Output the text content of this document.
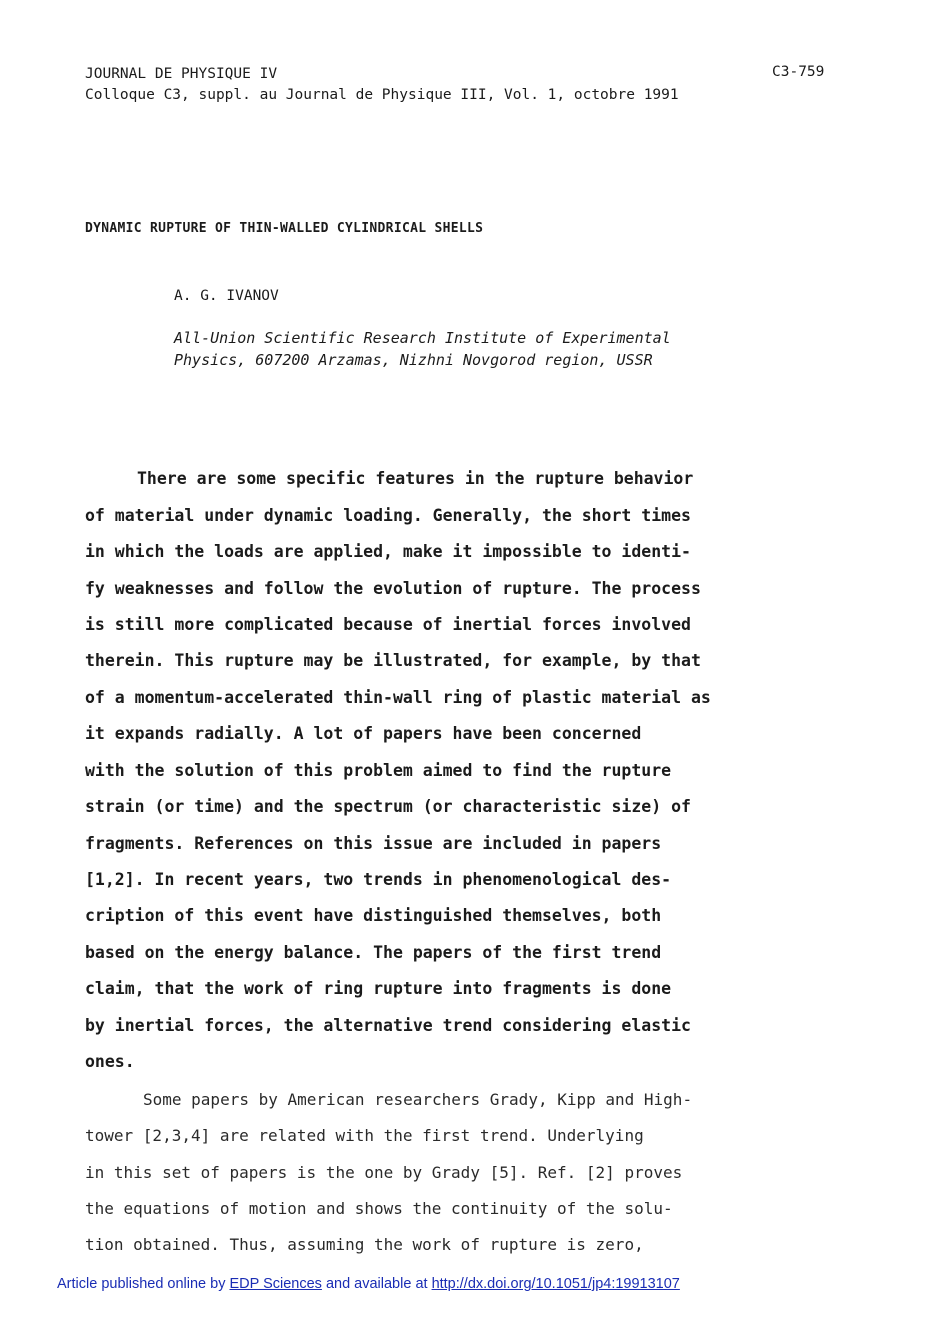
JOURNAL DE PHYSIQUE IV	C3-759
Colloque C3, suppl. au Journal de Physique III, Vol. 1, octobre 1991
DYNAMIC RUPTURE OF THIN-WALLED CYLINDRICAL SHELLS
A. G. IVANOV
All-Union Scientific Research Institute of Experimental
Physics, 607200 Arzamas, Nizhni Novgorod region, USSR
There are some specific features in the rupture behavior
of material under dynamic loading. Generally, the short times
in which the loads are applied, make it impossible to identi-
fy weaknesses and follow the evolution of rupture. The process
is still more complicated because of inertial forces involved
therein. This rupture may be illustrated, for example, by that
of a momentum-accelerated thin-wall ring of plastic material as
it expands radially. A lot of papers have been concerned
with the solution of this problem aimed to find the rupture
strain (or time) and the spectrum (or characteristic size) of
fragments. References on this issue are included in papers
[1,2]. In recent years, two trends in phenomenological des-
cription of this event have distinguished themselves, both
based on the energy balance. The papers of the first trend
claim, that the work of ring rupture into fragments is done
by inertial forces, the alternative trend considering elastic
ones.
Some papers by American researchers Grady, Kipp and High-
tower [2,3,4] are related with the first trend. Underlying
in this set of papers is the one by Grady [5]. Ref. [2] proves
the equations of motion and shows the continuity of the solu-
tion obtained. Thus, assuming the work of rupture is zero,
Article published online by EDP Sciences and available at http://dx.doi.org/10.1051/jp4:19913107
